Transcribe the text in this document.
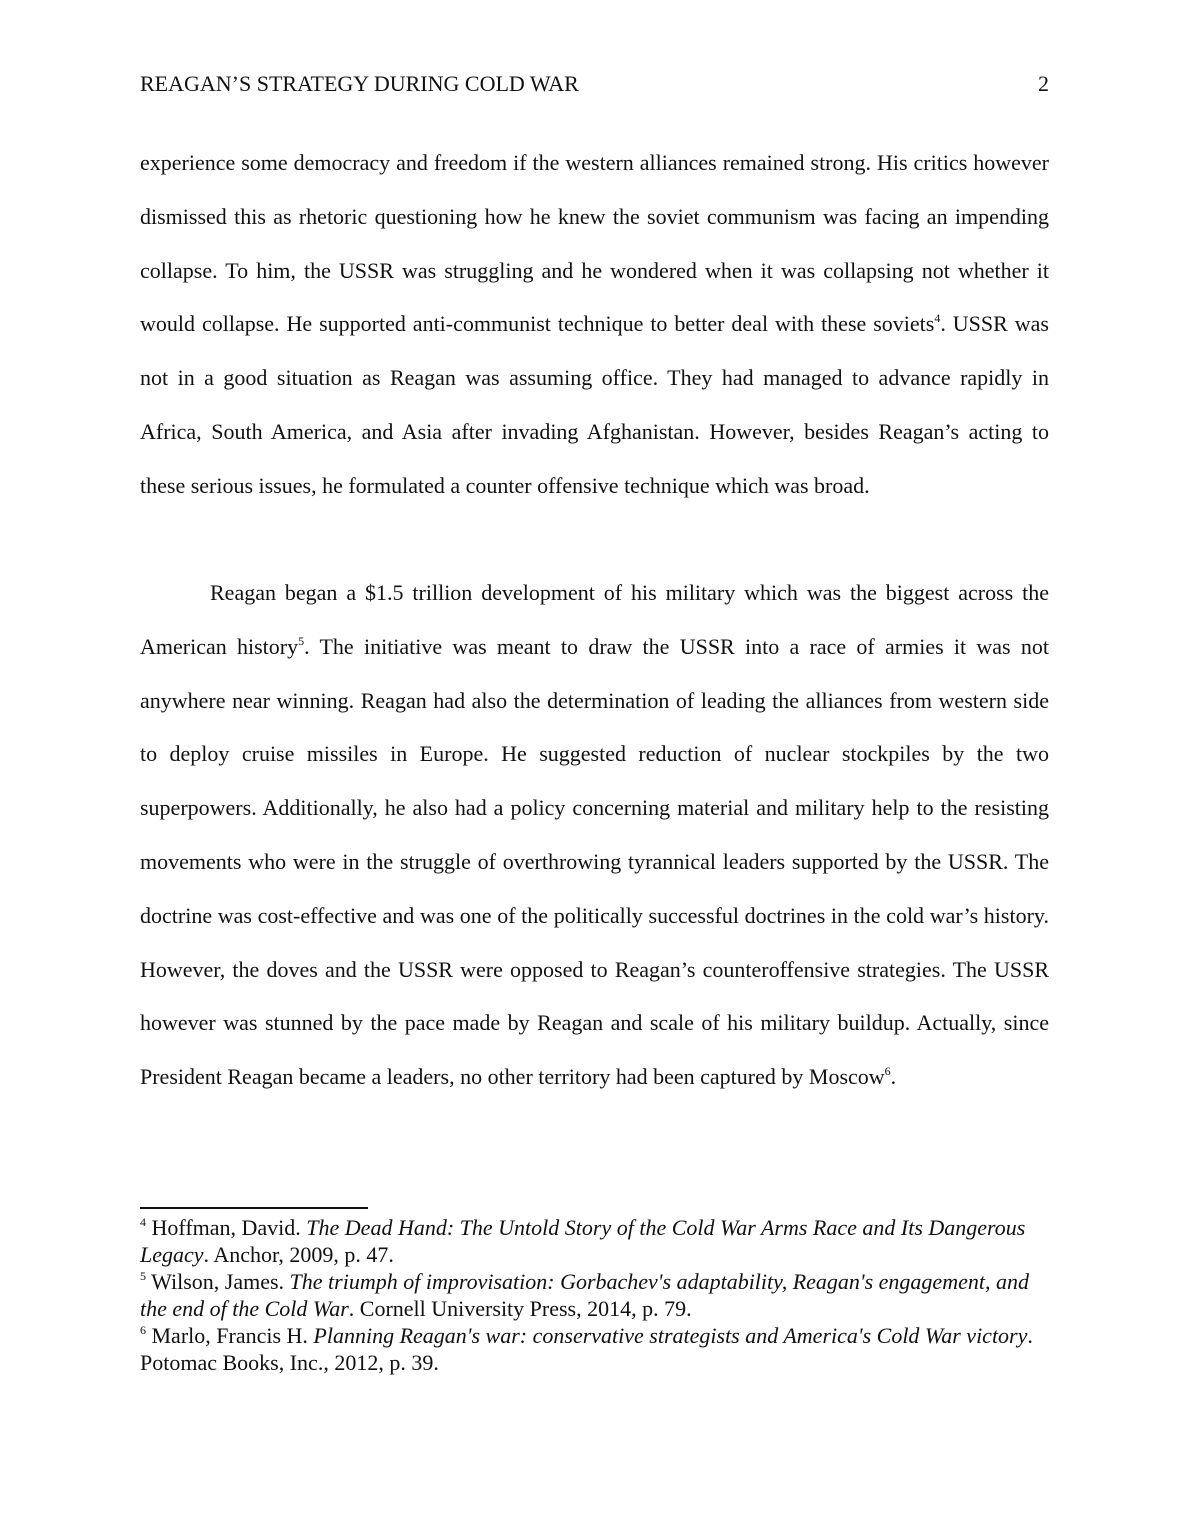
REAGAN’S STRATEGY DURING COLD WAR	2

experience some democracy and freedom if the western alliances remained strong. His critics however dismissed this as rhetoric questioning how he knew the soviet communism was facing an impending collapse. To him, the USSR was struggling and he wondered when it was collapsing not whether it would collapse. He supported anti-communist technique to better deal with these soviets$^4$. USSR was not in a good situation as Reagan was assuming office. They had managed to advance rapidly in Africa, South America, and Asia after invading Afghanistan. However, besides Reagan’s acting to these serious issues, he formulated a counter offensive technique which was broad.

Reagan began a $1.5 trillion development of his military which was the biggest across the American history$^5$. The initiative was meant to draw the USSR into a race of armies it was not anywhere near winning. Reagan had also the determination of leading the alliances from western side to deploy cruise missiles in Europe. He suggested reduction of nuclear stockpiles by the two superpowers. Additionally, he also had a policy concerning material and military help to the resisting movements who were in the struggle of overthrowing tyrannical leaders supported by the USSR. The doctrine was cost-effective and was one of the politically successful doctrines in the cold war’s history. However, the doves and the USSR were opposed to Reagan’s counteroffensive strategies. The USSR however was stunned by the pace made by Reagan and scale of his military buildup. Actually, since President Reagan became a leaders, no other territory had been captured by Moscow$^6$.

$^4$ Hoffman, David. The Dead Hand: The Untold Story of the Cold War Arms Race and Its Dangerous Legacy. Anchor, 2009, p. 47.

$^5$ Wilson, James. The triumph of improvisation: Gorbachev's adaptability, Reagan's engagement, and the end of the Cold War. Cornell University Press, 2014, p. 79.

$^6$ Marlo, Francis H. Planning Reagan's war: conservative strategists and America's Cold War victory. Potomac Books, Inc., 2012, p. 39.
